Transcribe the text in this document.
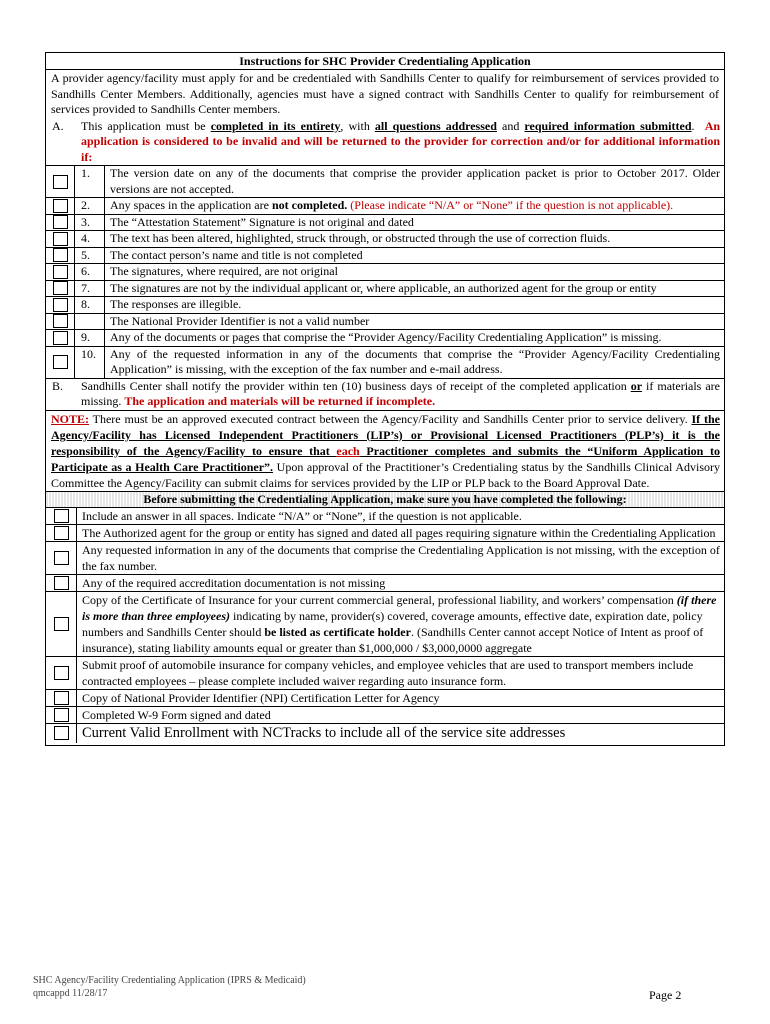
Instructions for SHC Provider Credentialing Application
A provider agency/facility must apply for and be credentialed with Sandhills Center to qualify for reimbursement of services provided to Sandhills Center Members. Additionally, agencies must have a signed contract with Sandhills Center to qualify for reimbursement of services provided to Sandhills Center members.
A.	This application must be completed in its entirety, with all questions addressed and required information submitted. An application is considered to be invalid and will be returned to the provider for correction and/or for additional information if:
1.	The version date on any of the documents that comprise the provider application packet is prior to October 2017. Older versions are not accepted.
2.	Any spaces in the application are not completed. (Please indicate “N/A” or “None” if the question is not applicable).
3.	The “Attestation Statement” Signature is not original and dated
4.	The text has been altered, highlighted, struck through, or obstructed through the use of correction fluids.
5.	The contact person’s name and title is not completed
6.	The signatures, where required, are not original
7.	The signatures are not by the individual applicant or, where applicable, an authorized agent for the group or entity
8.	The responses are illegible.
The National Provider Identifier is not a valid number
9.	Any of the documents or pages that comprise the “Provider Agency/Facility Credentialing Application” is missing.
10.	Any of the requested information in any of the documents that comprise the “Provider Agency/Facility Credentialing Application” is missing, with the exception of the fax number and e-mail address.
B.	Sandhills Center shall notify the provider within ten (10) business days of receipt of the completed application or if materials are missing. The application and materials will be returned if incomplete.
NOTE: There must be an approved executed contract between the Agency/Facility and Sandhills Center prior to service delivery. If the Agency/Facility has Licensed Independent Practitioners (LIP’s) or Provisional Licensed Practitioners (PLP’s) it is the responsibility of the Agency/Facility to ensure that each Practitioner completes and submits the “Uniform Application to Participate as a Health Care Practitioner”. Upon approval of the Practitioner’s Credentialing status by the Sandhills Clinical Advisory Committee the Agency/Facility can submit claims for services provided by the LIP or PLP back to the Board Approval Date.
Before submitting the Credentialing Application, make sure you have completed the following:
Include an answer in all spaces. Indicate “N/A” or “None”, if the question is not applicable.
The Authorized agent for the group or entity has signed and dated all pages requiring signature within the Credentialing Application
Any requested information in any of the documents that comprise the Credentialing Application is not missing, with the exception of the fax number.
Any of the required accreditation documentation is not missing
Copy of the Certificate of Insurance for your current commercial general, professional liability, and workers’ compensation (if there is more than three employees) indicating by name, provider(s) covered, coverage amounts, effective date, expiration date, policy numbers and Sandhills Center should be listed as certificate holder. (Sandhills Center cannot accept Notice of Intent as proof of insurance), stating liability amounts equal or greater than $1,000,000 / $3,000,0000 aggregate
Submit proof of automobile insurance for company vehicles, and employee vehicles that are used to transport members include contracted employees – please complete included waiver regarding auto insurance form.
Copy of National Provider Identifier (NPI) Certification Letter for Agency
Completed W-9 Form signed and dated
Current Valid Enrollment with NCTracks to include all of the service site addresses
SHC Agency/Facility Credentialing Application (IPRS & Medicaid)
qmcappd 11/28/17	Page 2
